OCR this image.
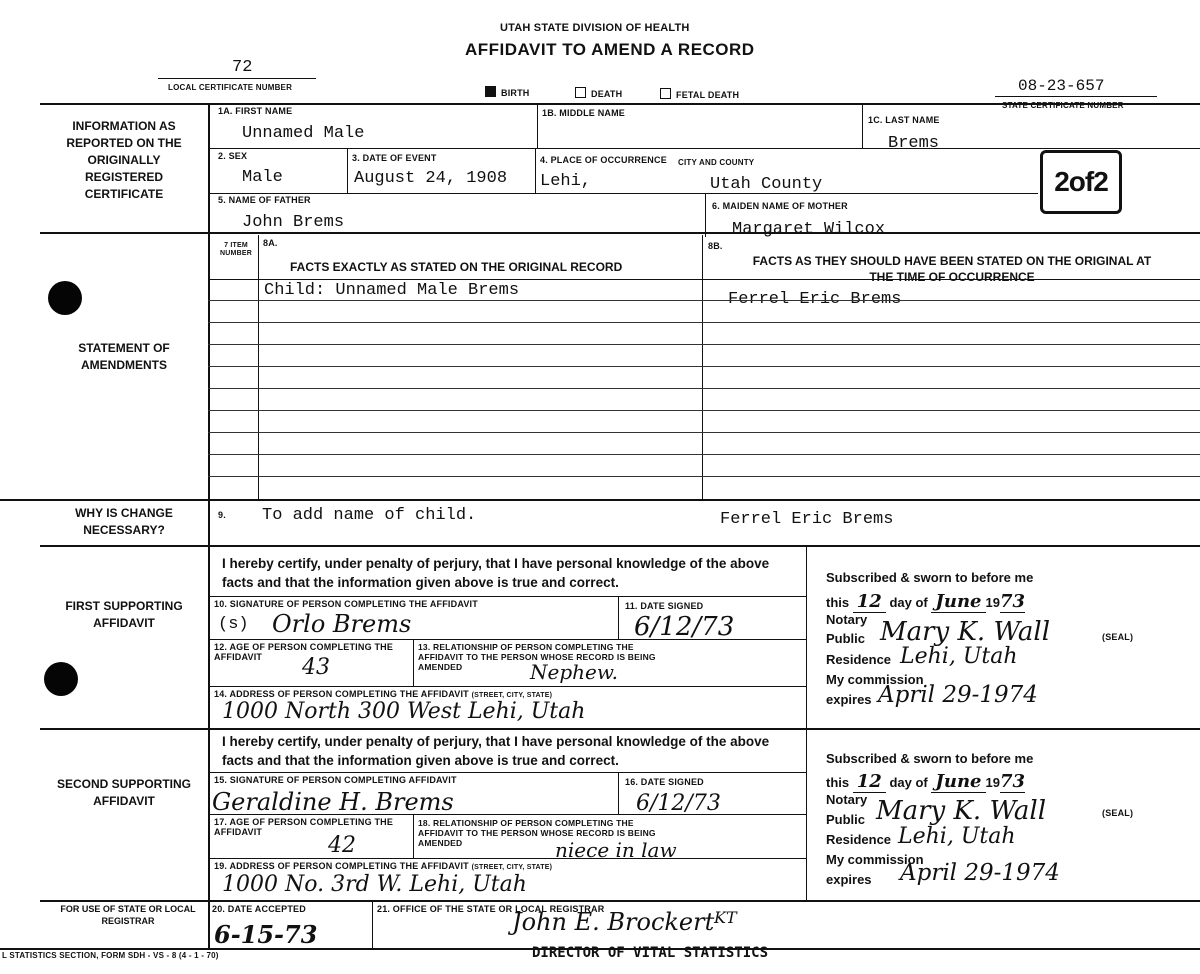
UTAH STATE DIVISION OF HEALTH
AFFIDAVIT TO AMEND A RECORD
72
LOCAL CERTIFICATE NUMBER
BIRTH	DEATH	FETAL DEATH	08-23-657
STATE CERTIFICATE NUMBER
INFORMATION AS REPORTED ON THE ORIGINALLY REGISTERED CERTIFICATE
STATEMENT OF AMENDMENTS
WHY IS CHANGE NECESSARY?
FIRST SUPPORTING AFFIDAVIT
SECOND SUPPORTING AFFIDAVIT
FOR USE OF STATE OR LOCAL REGISTRAR
1A. FIRST NAME
Unnamed Male
1B. MIDDLE NAME
1C. LAST NAME
Brems
2. SEX
Male
3. DATE OF EVENT
August 24, 1908
4. PLACE OF OCCURRENCE CITY AND COUNTY
Lehi,	Utah County	2of2
5. NAME OF FATHER
John Brems
6. MAIDEN NAME OF MOTHER
Margaret Wilcox
7 ITEM NUMBER
8A.
FACTS EXACTLY AS STATED ON THE ORIGINAL RECORD
8B.
FACTS AS THEY SHOULD HAVE BEEN STATED ON THE ORIGINAL AT THE TIME OF OCCURRENCE
Child: Unnamed Male Brems	Ferrel Eric Brems
9. To add name of child.	Ferrel Eric Brems
I hereby certify, under penalty of perjury, that I have personal knowledge of the above facts and that the information given above is true and correct.
10. SIGNATURE OF PERSON COMPLETING THE AFFIDAVIT
(s) Orlo Brems
11. DATE SIGNED
6/12/73
12. AGE OF PERSON COMPLETING THE AFFIDAVIT	43
13. RELATIONSHIP OF PERSON COMPLETING THE AFFIDAVIT TO THE PERSON WHOSE RECORD IS BEING AMENDED	Nephew.
14. ADDRESS OF PERSON COMPLETING THE AFFIDAVIT (STREET, CITY, STATE)
1000 North 300 West Lehi, Utah
Subscribed & sworn to before me
this 12 day of June 1973
Notary
Public Mary K. Wall	(SEAL)
Residence Lehi, Utah
My commission
expires April 29-1974
I hereby certify, under penalty of perjury, that I have personal knowledge of the above facts and that the information given above is true and correct.
15. SIGNATURE OF PERSON COMPLETING AFFIDAVIT
Geraldine H. Brems
16. DATE SIGNED
6/12/73
17. AGE OF PERSON COMPLETING THE AFFIDAVIT
42
18. RELATIONSHIP OF PERSON COMPLETING THE AFFIDAVIT TO THE PERSON WHOSE RECORD IS BEING AMENDED	niece in law
19. ADDRESS OF PERSON COMPLETING THE AFFIDAVIT (STREET, CITY, STATE)
1000 No. 3rd W. Lehi, Utah
Subscribed & sworn to before me
this 12 day of June 1973
Notary
Public Mary K. Wall	(SEAL)
Residence Lehi, Utah
My commission
expires April 29-1974
20. DATE ACCEPTED
6-15-73
21. OFFICE OF THE STATE OR LOCAL REGISTRAR
John E. Brockert KT
DIRECTOR OF VITAL STATISTICS
L STATISTICS SECTION, FORM SDH - VS - 8 (4 - 1 - 70)
